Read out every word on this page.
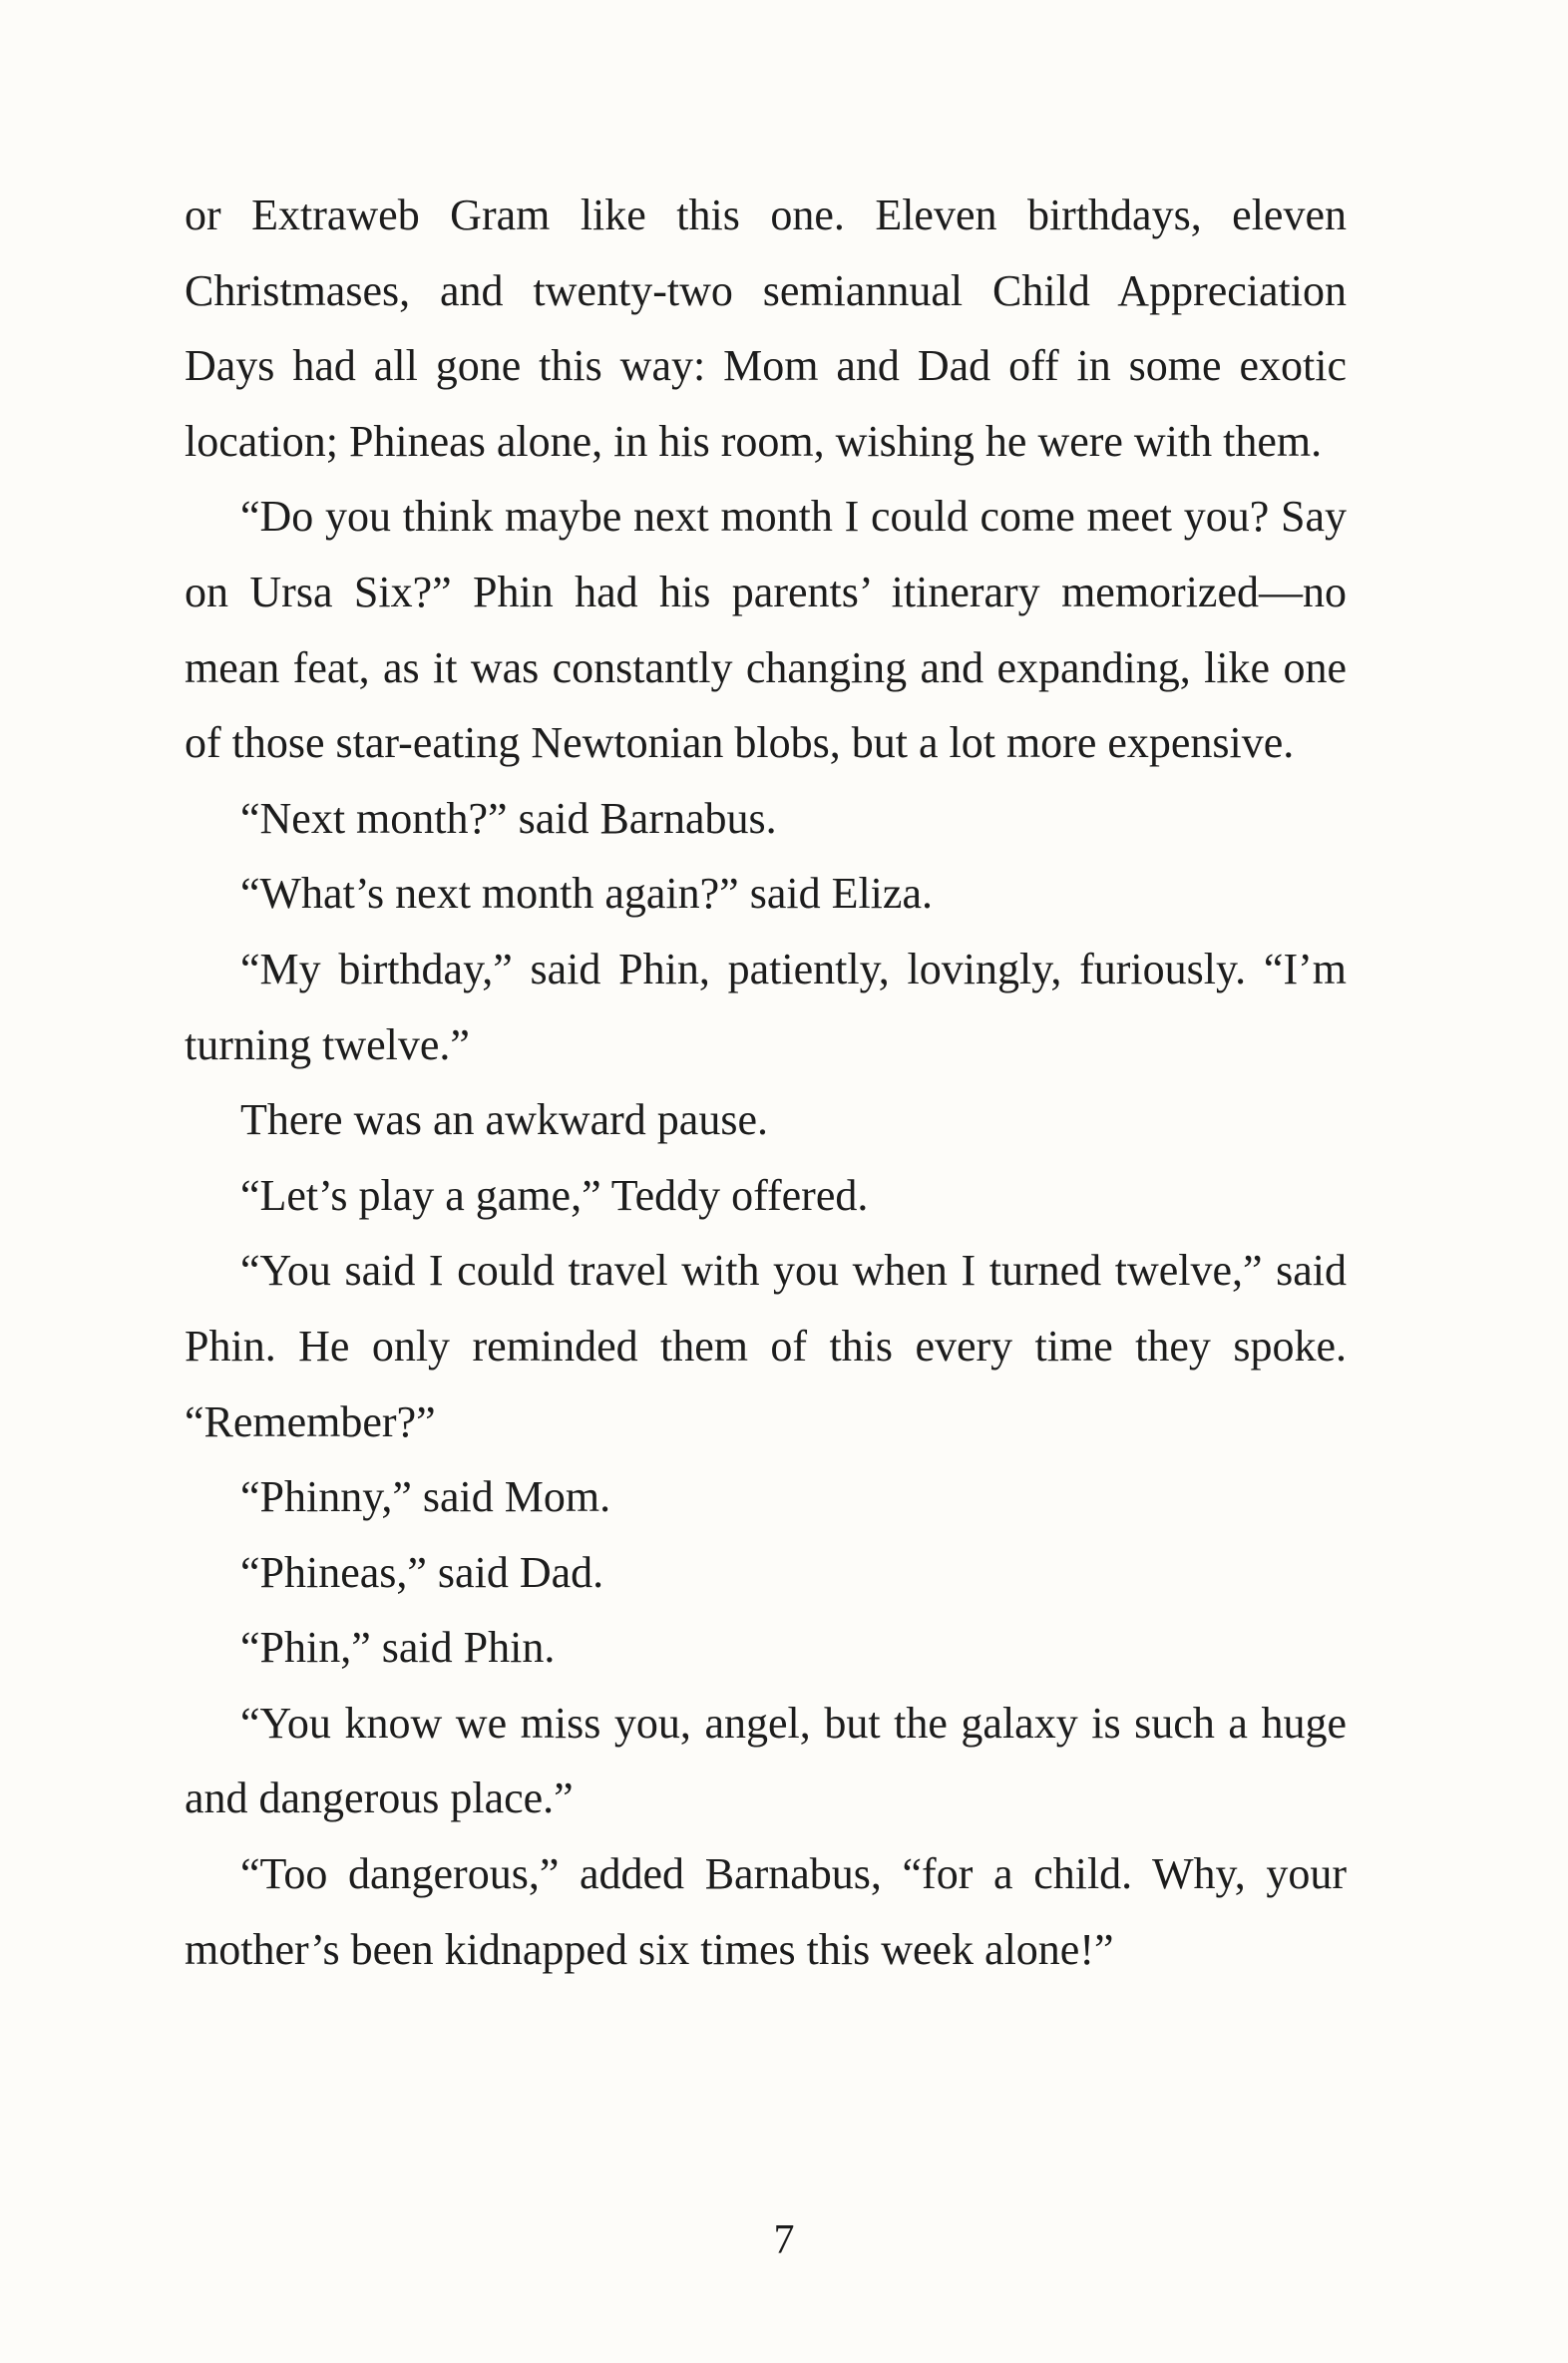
or Extraweb Gram like this one. Eleven birthdays, eleven Christmases, and twenty-two semiannual Child Appreciation Days had all gone this way: Mom and Dad off in some exotic location; Phineas alone, in his room, wishing he were with them.

“Do you think maybe next month I could come meet you? Say on Ursa Six?” Phin had his parents’ itinerary memorized—no mean feat, as it was constantly changing and expanding, like one of those star-eating Newtonian blobs, but a lot more expensive.

“Next month?” said Barnabus.

“What’s next month again?” said Eliza.

“My birthday,” said Phin, patiently, lovingly, furiously. “I’m turning twelve.”

There was an awkward pause.

“Let’s play a game,” Teddy offered.

“You said I could travel with you when I turned twelve,” said Phin. He only reminded them of this every time they spoke. “Remember?”

“Phinny,” said Mom.

“Phineas,” said Dad.

“Phin,” said Phin.

“You know we miss you, angel, but the galaxy is such a huge and dangerous place.”

“Too dangerous,” added Barnabus, “for a child. Why, your mother’s been kidnapped six times this week alone!”

7
